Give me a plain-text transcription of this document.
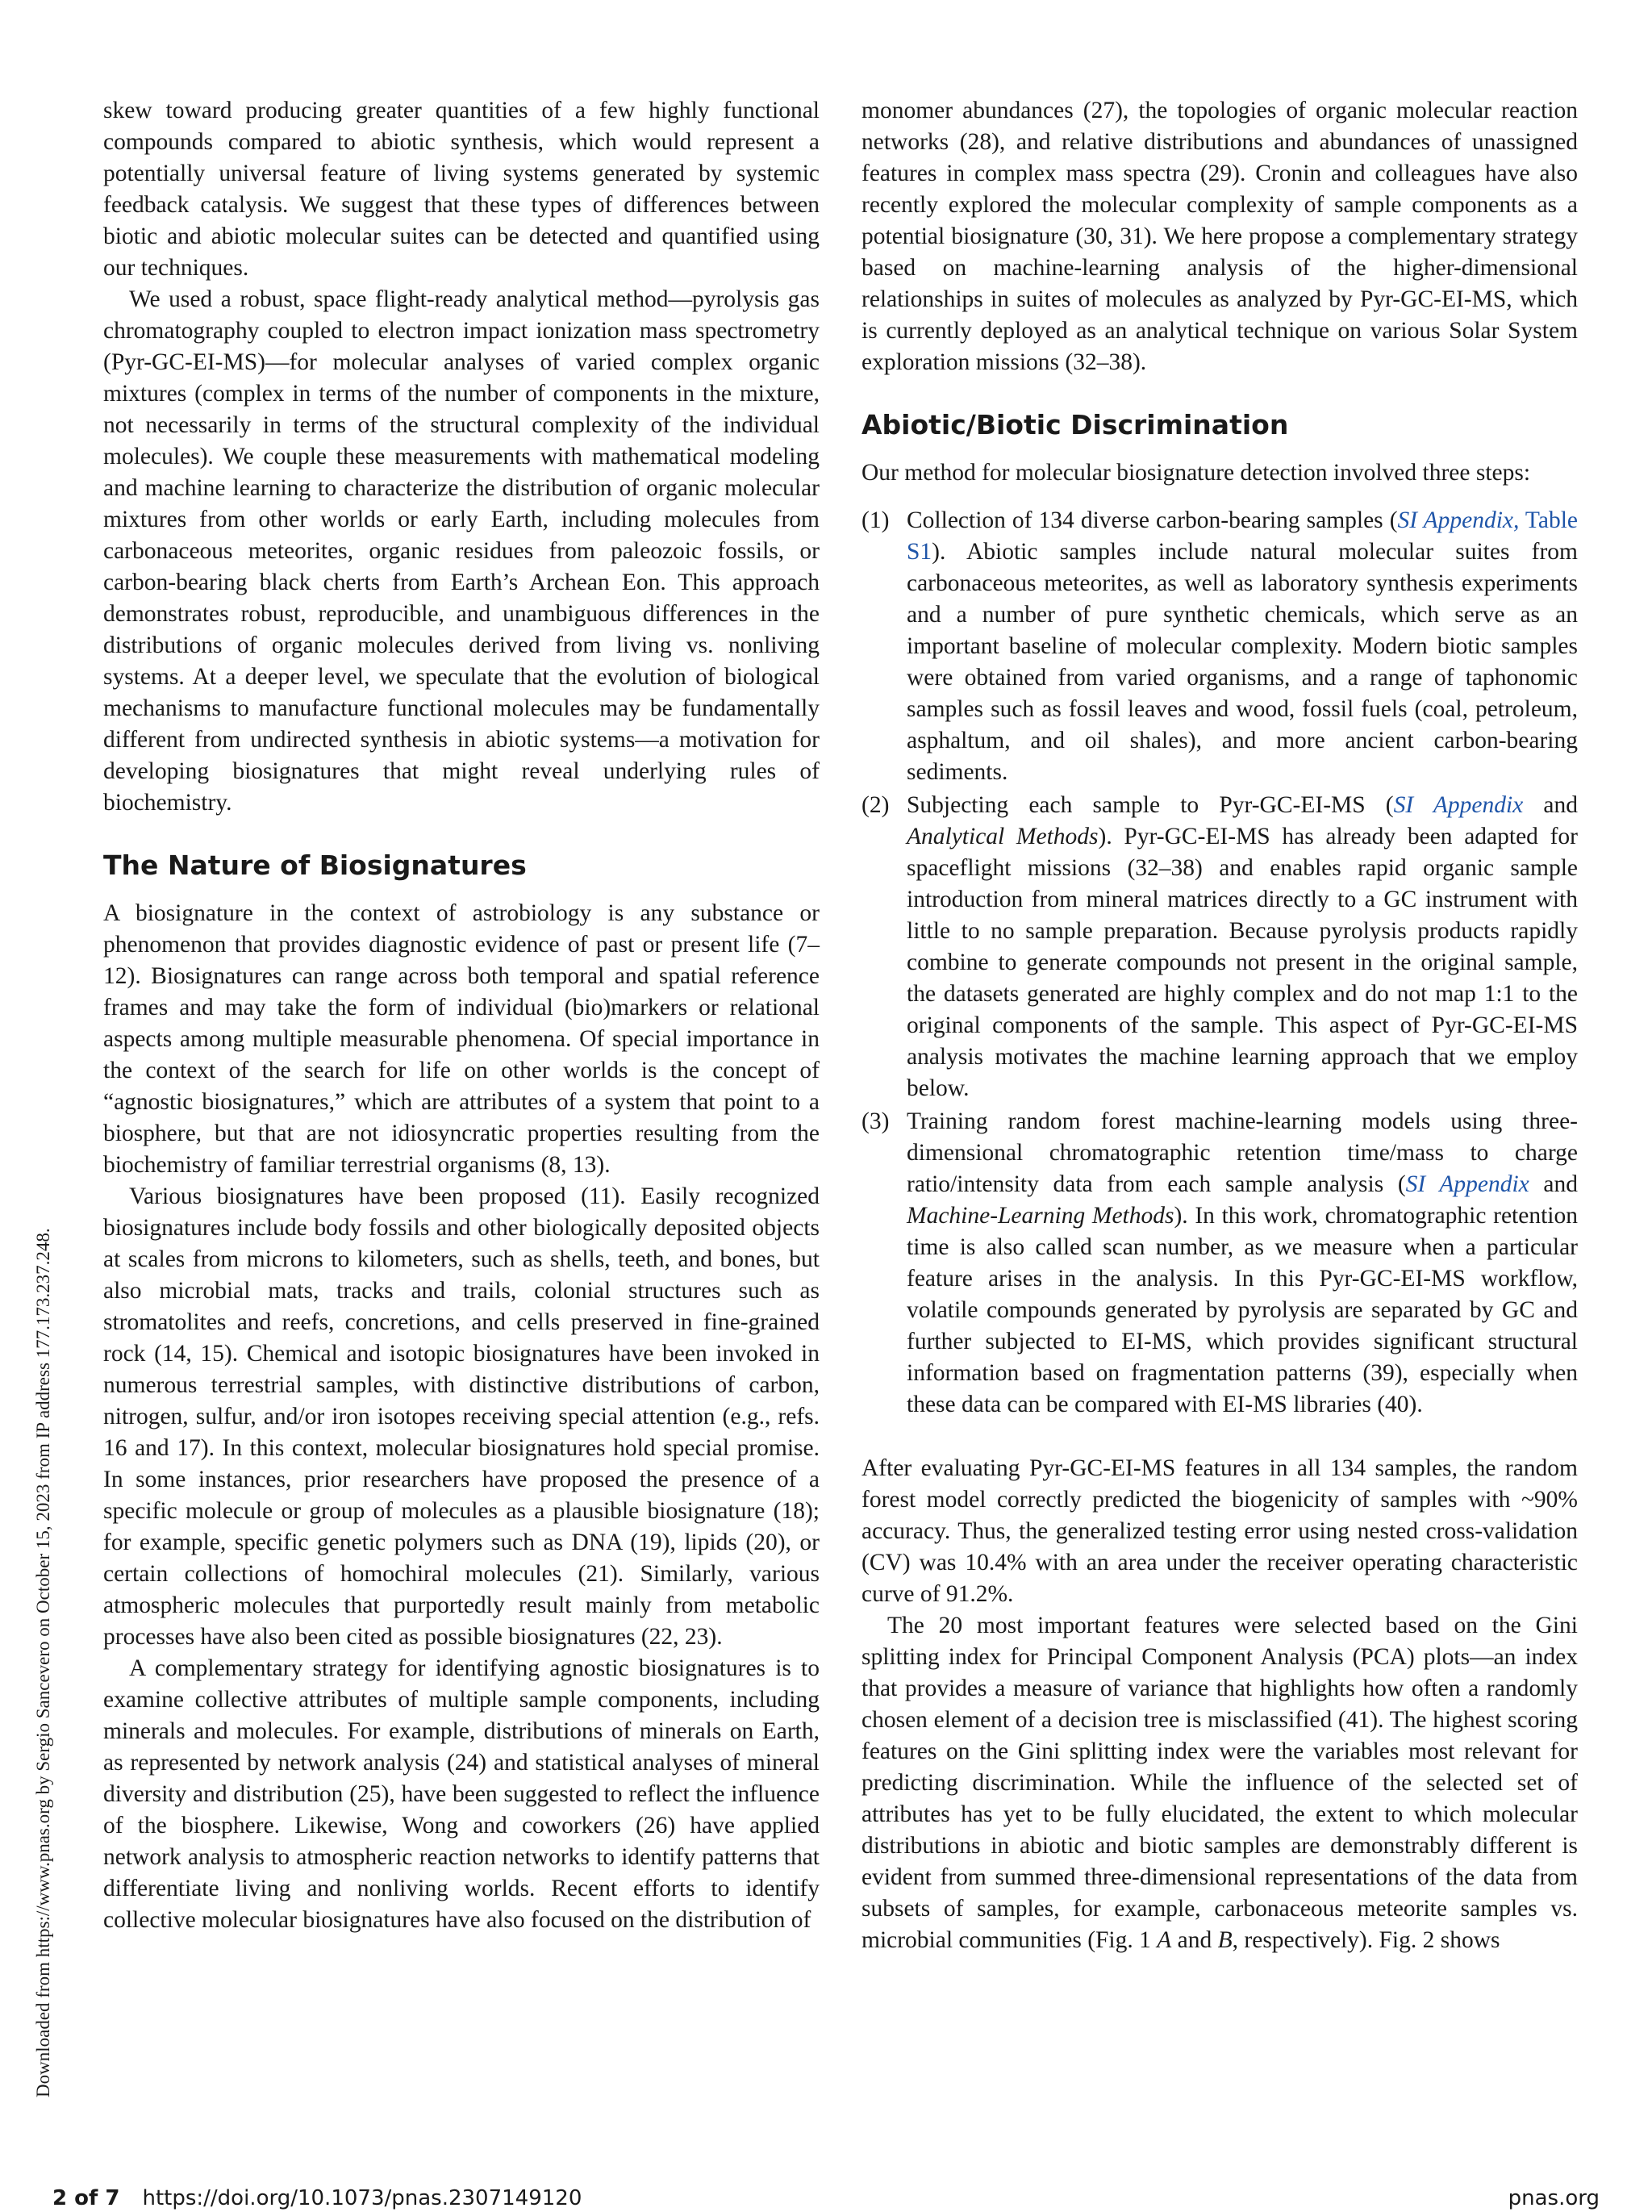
Downloaded from https://www.pnas.org by Sergio Sancevero on October 15, 2023 from IP address 177.173.237.248.

skew toward producing greater quantities of a few highly functional compounds compared to abiotic synthesis, which would represent a potentially universal feature of living systems generated by systemic feedback catalysis. We suggest that these types of differences between biotic and abiotic molecular suites can be detected and quantified using our techniques.

We used a robust, space flight-ready analytical method—pyrolysis gas chromatography coupled to electron impact ionization mass spectrometry (Pyr-GC-EI-MS)—for molecular analyses of varied complex organic mixtures (complex in terms of the number of components in the mixture, not necessarily in terms of the structural complexity of the individual molecules). We couple these measurements with mathematical modeling and machine learning to characterize the distribution of organic molecular mixtures from other worlds or early Earth, including molecules from carbonaceous meteorites, organic residues from paleozoic fossils, or carbon-bearing black cherts from Earth’s Archean Eon. This approach demonstrates robust, reproducible, and unambiguous differences in the distributions of organic molecules derived from living vs. nonliving systems. At a deeper level, we speculate that the evolution of biological mechanisms to manufacture functional molecules may be fundamentally different from undirected synthesis in abiotic systems—a motivation for developing biosignatures that might reveal underlying rules of biochemistry.

The Nature of Biosignatures

A biosignature in the context of astrobiology is any substance or phenomenon that provides diagnostic evidence of past or present life (7–12). Biosignatures can range across both temporal and spatial reference frames and may take the form of individual (bio)markers or relational aspects among multiple measurable phenomena. Of special importance in the context of the search for life on other worlds is the concept of “agnostic biosignatures,” which are attributes of a system that point to a biosphere, but that are not idiosyncratic properties resulting from the biochemistry of familiar terrestrial organisms (8, 13).

Various biosignatures have been proposed (11). Easily recognized biosignatures include body fossils and other biologically deposited objects at scales from microns to kilometers, such as shells, teeth, and bones, but also microbial mats, tracks and trails, colonial structures such as stromatolites and reefs, concretions, and cells preserved in fine-grained rock (14, 15). Chemical and isotopic biosignatures have been invoked in numerous terrestrial samples, with distinctive distributions of carbon, nitrogen, sulfur, and/or iron isotopes receiving special attention (e.g., refs. 16 and 17). In this context, molecular biosignatures hold special promise. In some instances, prior researchers have proposed the presence of a specific molecule or group of molecules as a plausible biosignature (18); for example, specific genetic polymers such as DNA (19), lipids (20), or certain collections of homochiral molecules (21). Similarly, various atmospheric molecules that purportedly result mainly from metabolic processes have also been cited as possible biosignatures (22, 23).

A complementary strategy for identifying agnostic biosignatures is to examine collective attributes of multiple sample components, including minerals and molecules. For example, distributions of minerals on Earth, as represented by network analysis (24) and statistical analyses of mineral diversity and distribution (25), have been suggested to reflect the influence of the biosphere. Likewise, Wong and coworkers (26) have applied network analysis to atmospheric reaction networks to identify patterns that differentiate living and nonliving worlds. Recent efforts to identify collective molecular biosignatures have also focused on the distribution of

monomer abundances (27), the topologies of organic molecular reaction networks (28), and relative distributions and abundances of unassigned features in complex mass spectra (29). Cronin and colleagues have also recently explored the molecular complexity of sample components as a potential biosignature (30, 31). We here propose a complementary strategy based on machine-learning analysis of the higher-dimensional relationships in suites of molecules as analyzed by Pyr-GC-EI-MS, which is currently deployed as an analytical technique on various Solar System exploration missions (32–38).

Abiotic/Biotic Discrimination

Our method for molecular biosignature detection involved three steps:

(1) Collection of 134 diverse carbon-bearing samples (SI Appendix, Table S1). Abiotic samples include natural molecular suites from carbonaceous meteorites, as well as laboratory synthesis experiments and a number of pure synthetic chemicals, which serve as an important baseline of molecular complexity. Modern biotic samples were obtained from varied organisms, and a range of taphonomic samples such as fossil leaves and wood, fossil fuels (coal, petroleum, asphaltum, and oil shales), and more ancient carbon-bearing sediments.
(2) Subjecting each sample to Pyr-GC-EI-MS (SI Appendix and Analytical Methods). Pyr-GC-EI-MS has already been adapted for spaceflight missions (32–38) and enables rapid organic sample introduction from mineral matrices directly to a GC instrument with little to no sample preparation. Because pyrolysis products rapidly combine to generate compounds not present in the original sample, the datasets generated are highly complex and do not map 1:1 to the original components of the sample. This aspect of Pyr-GC-EI-MS analysis motivates the machine learning approach that we employ below.
(3) Training random forest machine-learning models using three-dimensional chromatographic retention time/mass to charge ratio/intensity data from each sample analysis (SI Appendix and Machine-Learning Methods). In this work, chromatographic retention time is also called scan number, as we measure when a particular feature arises in the analysis. In this Pyr-GC-EI-MS workflow, volatile compounds generated by pyrolysis are separated by GC and further subjected to EI-MS, which provides significant structural information based on fragmentation patterns (39), especially when these data can be compared with EI-MS libraries (40).

After evaluating Pyr-GC-EI-MS features in all 134 samples, the random forest model correctly predicted the biogenicity of samples with ~90% accuracy. Thus, the generalized testing error using nested cross-validation (CV) was 10.4% with an area under the receiver operating characteristic curve of 91.2%.

The 20 most important features were selected based on the Gini splitting index for Principal Component Analysis (PCA) plots—an index that provides a measure of variance that highlights how often a randomly chosen element of a decision tree is misclassified (41). The highest scoring features on the Gini splitting index were the variables most relevant for predicting discrimination. While the influence of the selected set of attributes has yet to be fully elucidated, the extent to which molecular distributions in abiotic and biotic samples are demonstrably different is evident from summed three-dimensional representations of the data from subsets of samples, for example, carbonaceous meteorite samples vs. microbial communities (Fig. 1 A and B, respectively). Fig. 2 shows

2 of 7 https://doi.org/10.1073/pnas.2307149120	pnas.org
